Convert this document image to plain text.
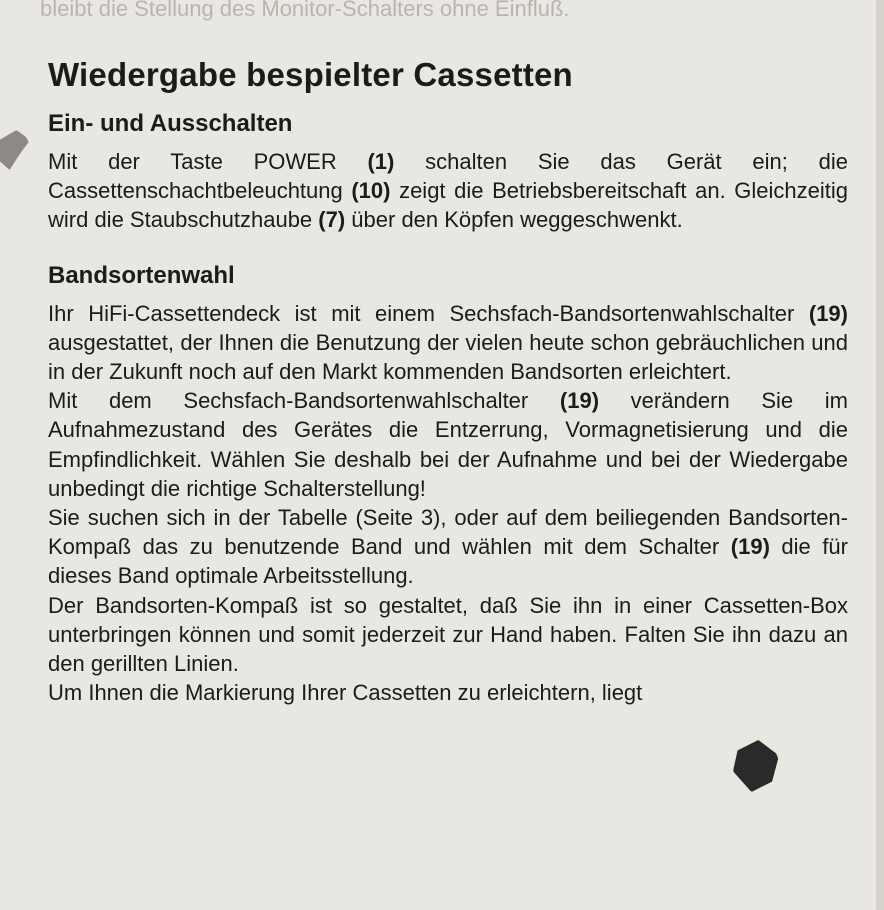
bleibt die Stellung des Monitor-Schalters ohne Einfluß.
Wiedergabe bespielter Cassetten
Ein- und Ausschalten

Mit der Taste POWER (1) schalten Sie das Gerät ein; die Cassettenschachtbeleuchtung (10) zeigt die Betriebsbereitschaft an. Gleichzeitig wird die Staubschutzhaube (7) über den Köpfen weggeschwenkt.

Bandsortenwahl

Ihr HiFi-Cassettendeck ist mit einem Sechsfach-Bandsortenwahlschalter (19) ausgestattet, der Ihnen die Benutzung der vielen heute schon gebräuchlichen und in der Zukunft noch auf den Markt kommenden Bandsorten erleichtert.

Mit dem Sechsfach-Bandsortenwahlschalter (19) verändern Sie im Aufnahmezustand des Gerätes die Entzerrung, Vormagnetisierung und die Empfindlichkeit. Wählen Sie deshalb bei der Aufnahme und bei der Wiedergabe unbedingt die richtige Schalterstellung!

Sie suchen sich in der Tabelle (Seite 3), oder auf dem beiliegenden Bandsorten-Kompaß das zu benutzende Band und wählen mit dem Schalter (19) die für dieses Band optimale Arbeitsstellung.

Der Bandsorten-Kompaß ist so gestaltet, daß Sie ihn in einer Cassetten-Box unterbringen können und somit jederzeit zur Hand haben. Falten Sie ihn dazu an den gerillten Linien.

Um Ihnen die Markierung Ihrer Cassetten zu erleichtern, liegt
